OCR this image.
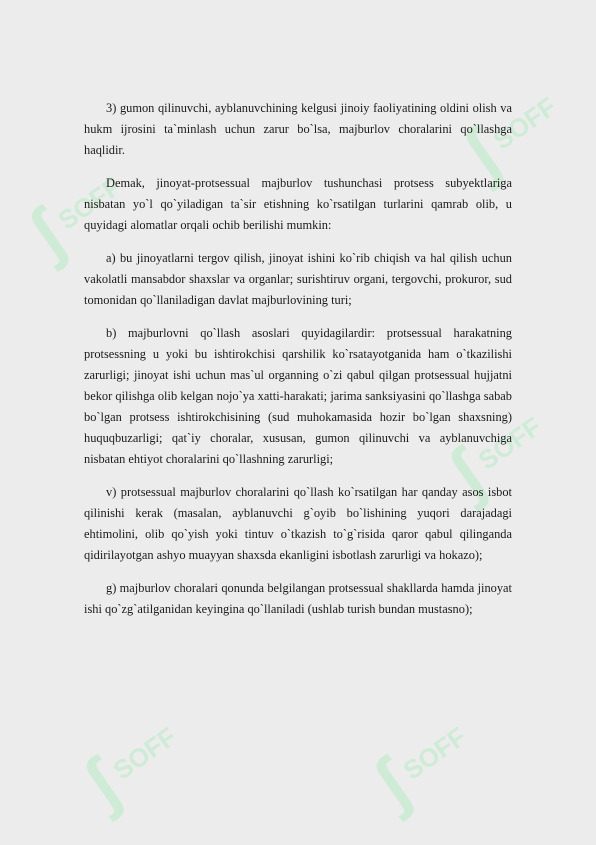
ʃ
SOFF
ʃ
SOFF
ʃ
SOFF
ʃ
SOFF	ʃ
SOFF

3) gumon qilinuvchi, ayblanuvchining kelgusi jinoiy faoliyatining oldini olish va hukm ijrosini ta`minlash uchun zarur bo`lsa, majburlov choralarini qo`llashga haqlidir.

Demak, jinoyat-protsessual majburlov tushunchasi protsess subyektlariga nisbatan yo`l qo`yiladigan ta`sir etishning ko`rsatilgan turlarini qamrab olib, u quyidagi alomatlar orqali ochib berilishi mumkin:

a) bu jinoyatlarni tergov qilish, jinoyat ishini ko`rib chiqish va hal qilish uchun vakolatli mansabdor shaxslar va organlar; surishtiruv organi, tergovchi, prokuror, sud tomonidan qo`llaniladigan davlat majburlovining turi;

b) majburlovni qo`llash asoslari quyidagilardir: protsessual harakatning protsessning u yoki bu ishtirokchisi qarshilik ko`rsatayotganida ham o`tkazilishi zarurligi; jinoyat ishi uchun mas`ul organning o`zi qabul qilgan protsessual hujjatni bekor qilishga olib kelgan nojo`ya xatti-harakati; jarima sanksiyasini qo`llashga sabab bo`lgan protsess ishtirokchisining (sud muhokamasida hozir bo`lgan shaxsning) huquqbuzarligi; qat`iy choralar, xususan, gumon qilinuvchi va ayblanuvchiga nisbatan ehtiyot choralarini qo`llashning zarurligi;

v) protsessual majburlov choralarini qo`llash ko`rsatilgan har qanday asos isbot qilinishi kerak (masalan, ayblanuvchi g`oyib bo`lishining yuqori darajadagi ehtimolini, olib qo`yish yoki tintuv o`tkazish to`g`risida qaror qabul qilinganda qidirilayotgan ashyo muayyan shaxsda ekanligini isbotlash zarurligi va hokazo);

g) majburlov choralari qonunda belgilangan protsessual shakllarda hamda jinoyat ishi qo`zg`atilganidan keyingina qo`llaniladi (ushlab turish bundan mustasno);
